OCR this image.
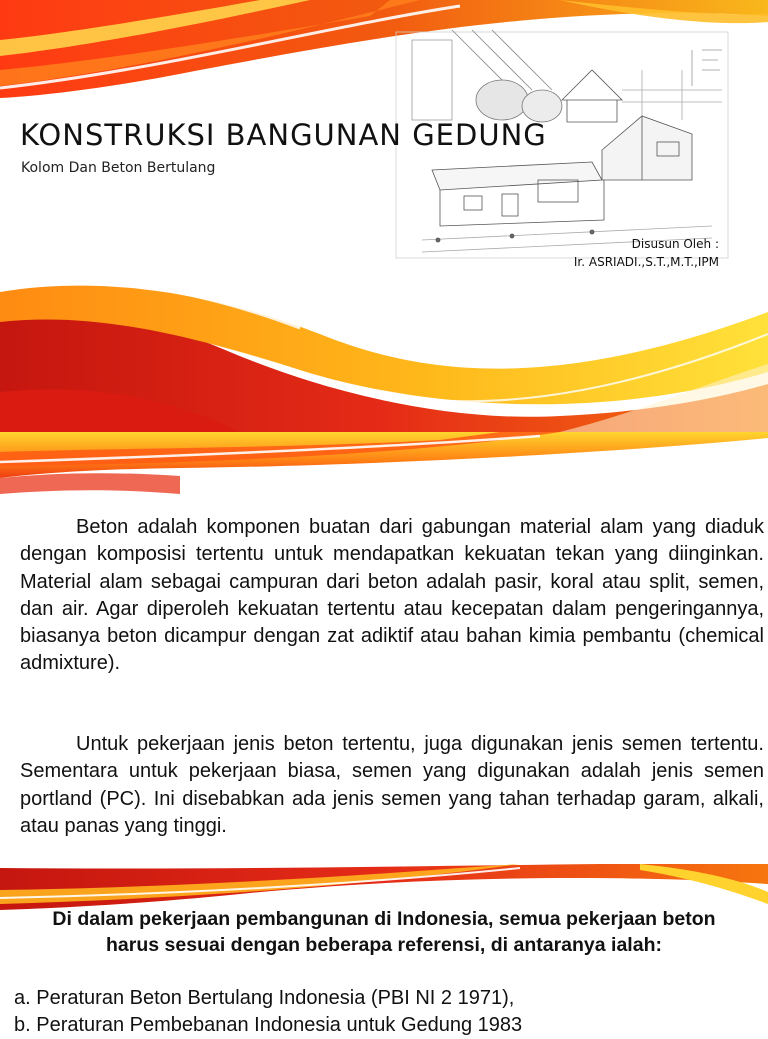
KONSTRUKSI BANGUNAN GEDUNG
Kolom Dan Beton Bertulang
Disusun Oleh :
Ir. ASRIADI.,S.T.,M.T.,IPM

Beton adalah komponen buatan dari gabungan material alam yang diaduk dengan komposisi tertentu untuk mendapatkan kekuatan tekan yang diinginkan. Material alam sebagai campuran dari beton adalah pasir, koral atau split, semen, dan air. Agar diperoleh kekuatan tertentu atau kecepatan dalam pengeringannya, biasanya beton dicampur dengan zat adiktif atau bahan kimia pembantu (chemical admixture).

Untuk pekerjaan jenis beton tertentu, juga digunakan jenis semen tertentu. Sementara untuk pekerjaan biasa, semen yang digunakan adalah jenis semen portland (PC). Ini disebabkan ada jenis semen yang tahan terhadap garam, alkali, atau panas yang tinggi.

Di dalam pekerjaan pembangunan di Indonesia, semua pekerjaan beton harus sesuai dengan beberapa referensi, di antaranya ialah:

a. Peraturan Beton Bertulang Indonesia (PBI NI 2 1971),
b. Peraturan Pembebanan Indonesia untuk Gedung 1983
